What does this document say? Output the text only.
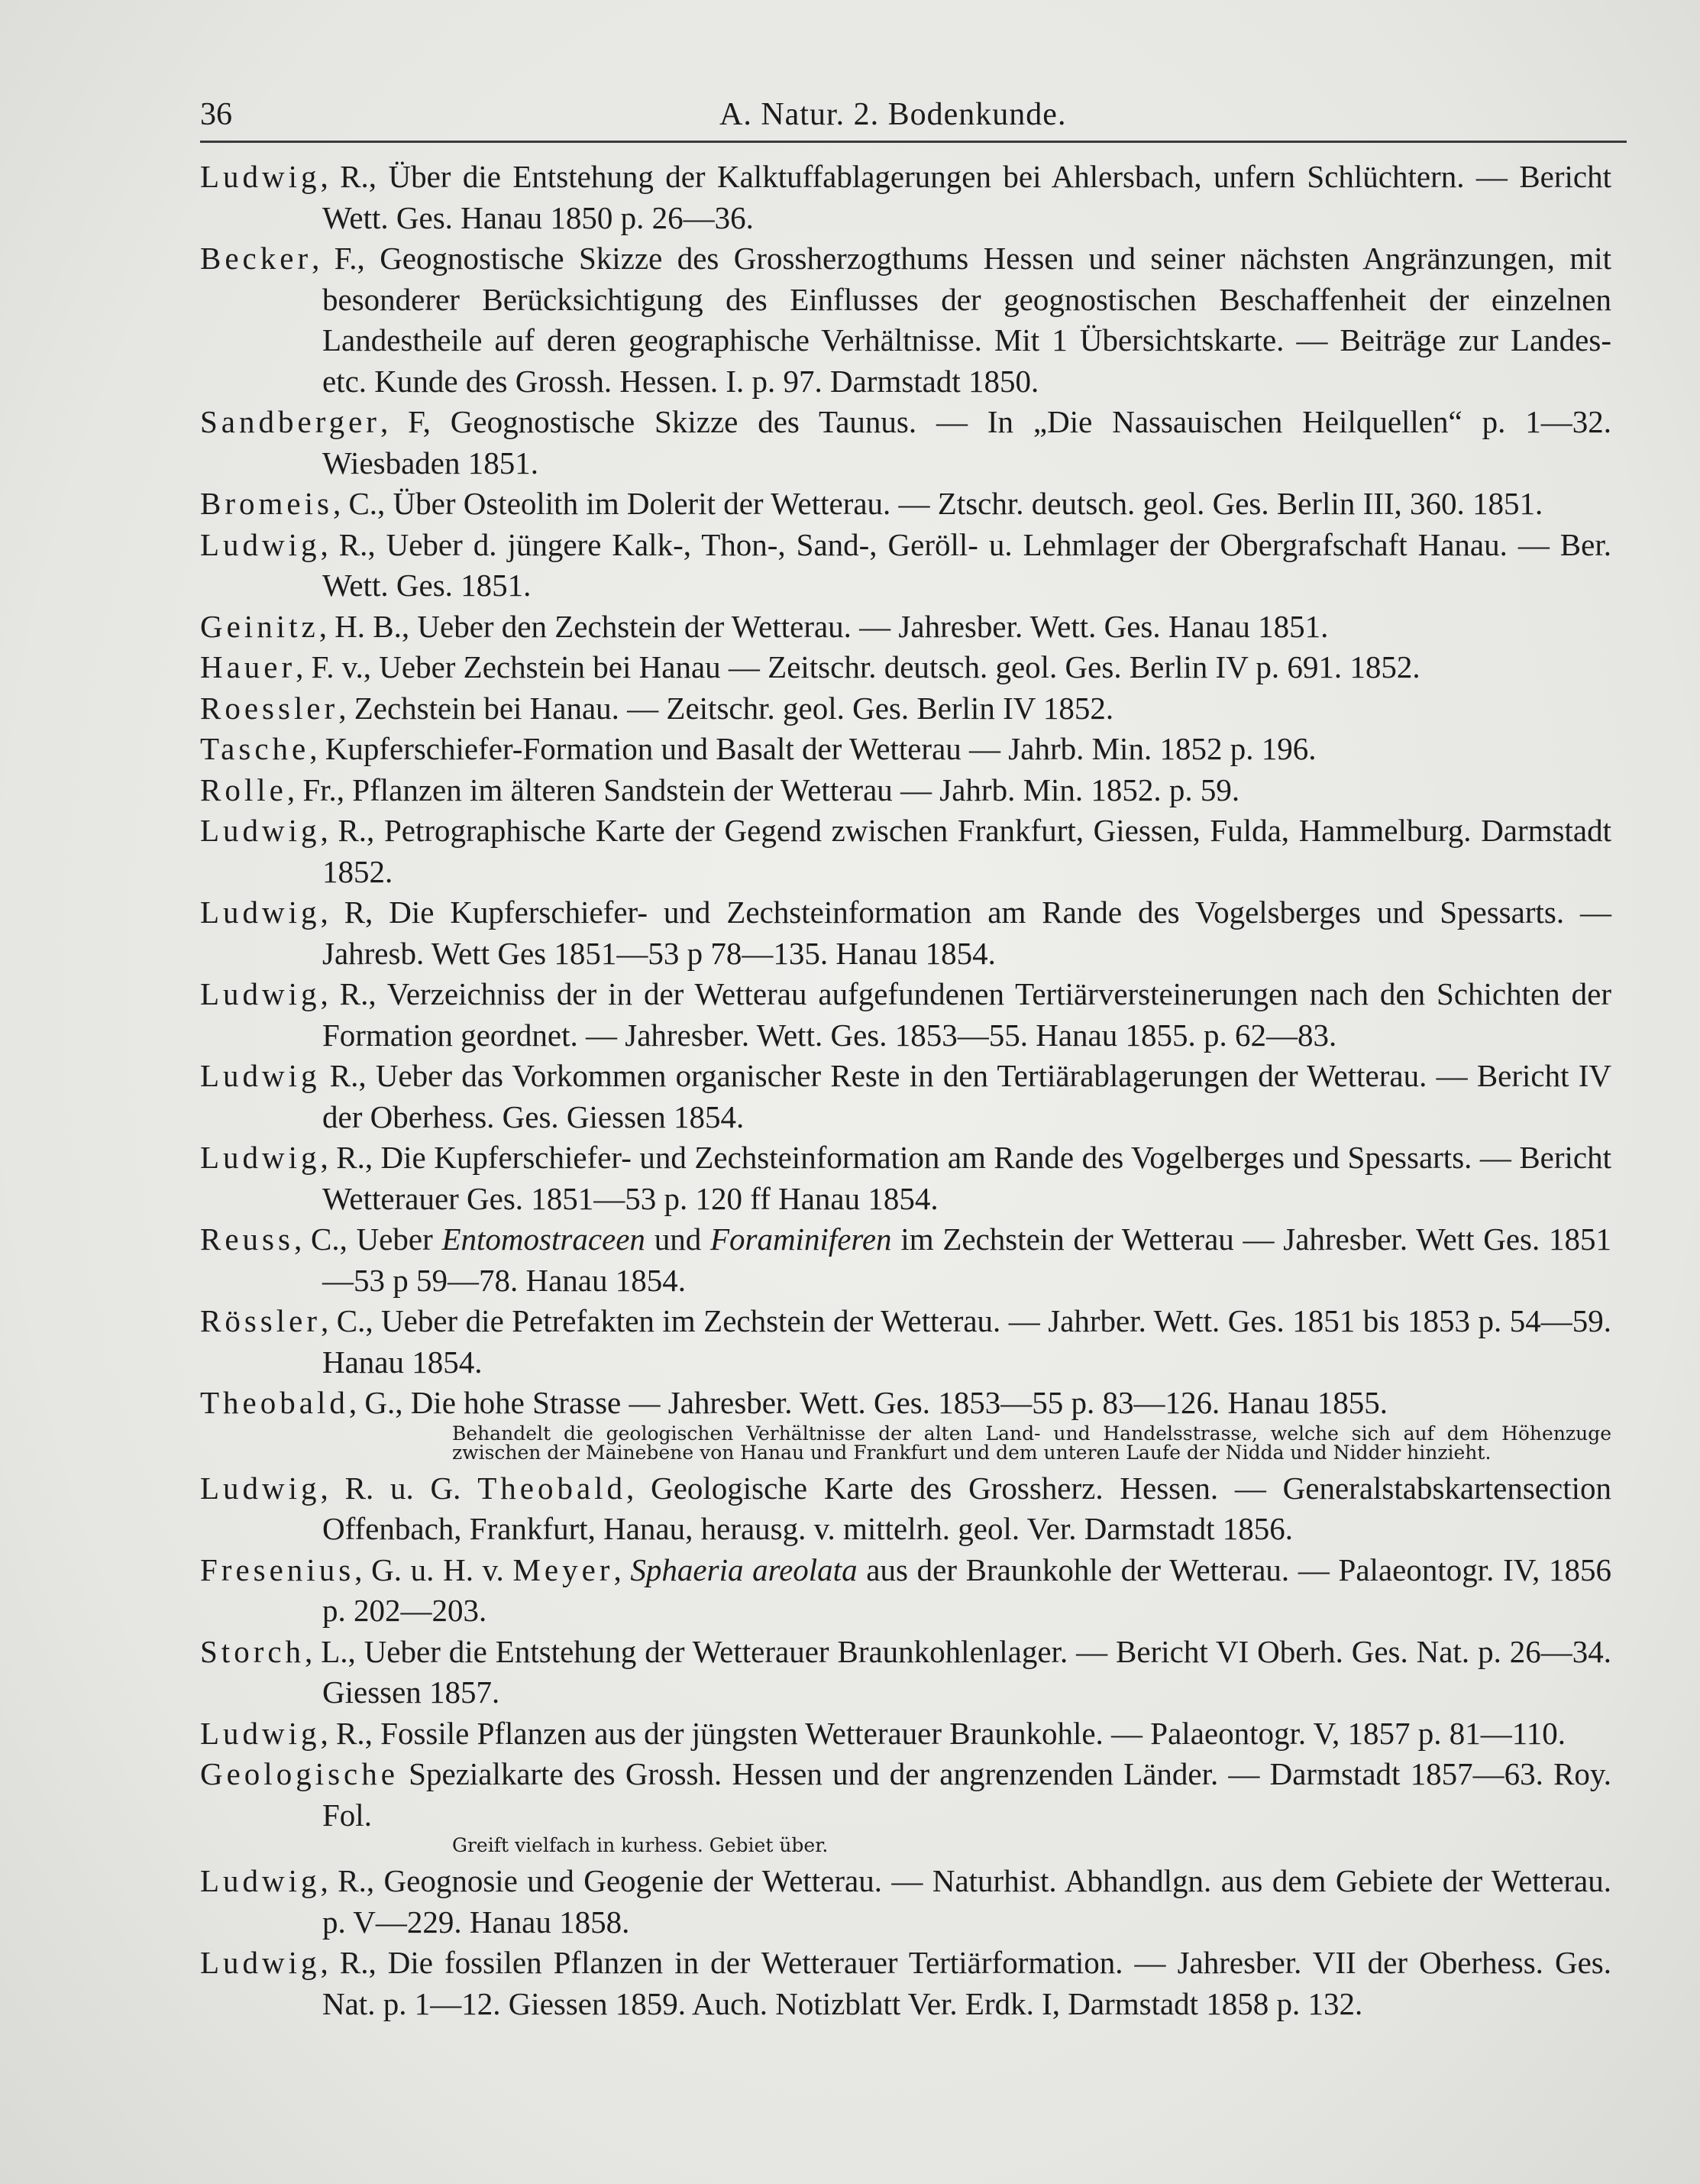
36	A. Natur. 2. Bodenkunde.

Ludwig, R., Über die Entstehung der Kalktuffablagerungen bei Ahlersbach, unfern Schlüchtern. — Bericht Wett. Ges. Hanau 1850 p. 26—36.

Becker, F., Geognostische Skizze des Grossherzogthums Hessen und seiner nächsten Angränzungen, mit besonderer Berücksichtigung des Einflusses der geognostischen Beschaffenheit der einzelnen Landestheile auf deren geographische Verhältnisse. Mit 1 Übersichtskarte. — Beiträge zur Landes- etc. Kunde des Grossh. Hessen. I. p. 97. Darmstadt 1850.

Sandberger, F, Geognostische Skizze des Taunus. — In „Die Nassauischen Heilquellen“ p. 1—32. Wiesbaden 1851.

Bromeis, C., Über Osteolith im Dolerit der Wetterau. — Ztschr. deutsch. geol. Ges. Berlin III, 360. 1851.

Ludwig, R., Ueber d. jüngere Kalk-, Thon-, Sand-, Geröll- u. Lehmlager der Obergrafschaft Hanau. — Ber. Wett. Ges. 1851.

Geinitz, H. B., Ueber den Zechstein der Wetterau. — Jahresber. Wett. Ges. Hanau 1851.

Hauer, F. v., Ueber Zechstein bei Hanau — Zeitschr. deutsch. geol. Ges. Berlin IV p. 691. 1852.

Roessler, Zechstein bei Hanau. — Zeitschr. geol. Ges. Berlin IV 1852.

Tasche, Kupferschiefer-Formation und Basalt der Wetterau — Jahrb. Min. 1852 p. 196.

Rolle, Fr., Pflanzen im älteren Sandstein der Wetterau — Jahrb. Min. 1852. p. 59.

Ludwig, R., Petrographische Karte der Gegend zwischen Frankfurt, Giessen, Fulda, Hammelburg. Darmstadt 1852.

Ludwig, R, Die Kupferschiefer- und Zechsteinformation am Rande des Vogelsberges und Spessarts. — Jahresb. Wett Ges 1851—53 p 78—135. Hanau 1854.

Ludwig, R., Verzeichniss der in der Wetterau aufgefundenen Tertiärversteinerungen nach den Schichten der Formation geordnet. — Jahresber. Wett. Ges. 1853—55. Hanau 1855. p. 62—83.

Ludwig R., Ueber das Vorkommen organischer Reste in den Tertiärablagerungen der Wetterau. — Bericht IV der Oberhess. Ges. Giessen 1854.

Ludwig, R., Die Kupferschiefer- und Zechsteinformation am Rande des Vogelberges und Spessarts. — Bericht Wetterauer Ges. 1851—53 p. 120 ff Hanau 1854.

Reuss, C., Ueber Entomostraceen und Foraminiferen im Zechstein der Wetterau — Jahresber. Wett Ges. 1851—53 p 59—78. Hanau 1854.

Rössler, C., Ueber die Petrefakten im Zechstein der Wetterau. — Jahrber. Wett. Ges. 1851 bis 1853 p. 54—59. Hanau 1854.

Theobald, G., Die hohe Strasse — Jahresber. Wett. Ges. 1853—55 p. 83—126. Hanau 1855.

Behandelt die geologischen Verhältnisse der alten Land- und Handelsstrasse, welche sich auf dem Höhenzuge zwischen der Mainebene von Hanau und Frankfurt und dem unteren Laufe der Nidda und Nidder hinzieht.

Ludwig, R. u. G. Theobald, Geologische Karte des Grossherz. Hessen. — Generalstabskartensection Offenbach, Frankfurt, Hanau, herausg. v. mittelrh. geol. Ver. Darmstadt 1856.

Fresenius, G. u. H. v. Meyer, Sphaeria areolata aus der Braunkohle der Wetterau. — Palaeontogr. IV, 1856 p. 202—203.

Storch, L., Ueber die Entstehung der Wetterauer Braunkohlenlager. — Bericht VI Oberh. Ges. Nat. p. 26—34. Giessen 1857.

Ludwig, R., Fossile Pflanzen aus der jüngsten Wetterauer Braunkohle. — Palaeontogr. V, 1857 p. 81—110.

Geologische Spezialkarte des Grossh. Hessen und der angrenzenden Länder. — Darmstadt 1857—63. Roy. Fol.

Greift vielfach in kurhess. Gebiet über.

Ludwig, R., Geognosie und Geogenie der Wetterau. — Naturhist. Abhandlgn. aus dem Gebiete der Wetterau. p. V—229. Hanau 1858.

Ludwig, R., Die fossilen Pflanzen in der Wetterauer Tertiärformation. — Jahresber. VII der Oberhess. Ges. Nat. p. 1—12. Giessen 1859. Auch. Notizblatt Ver. Erdk. I, Darmstadt 1858 p. 132.
